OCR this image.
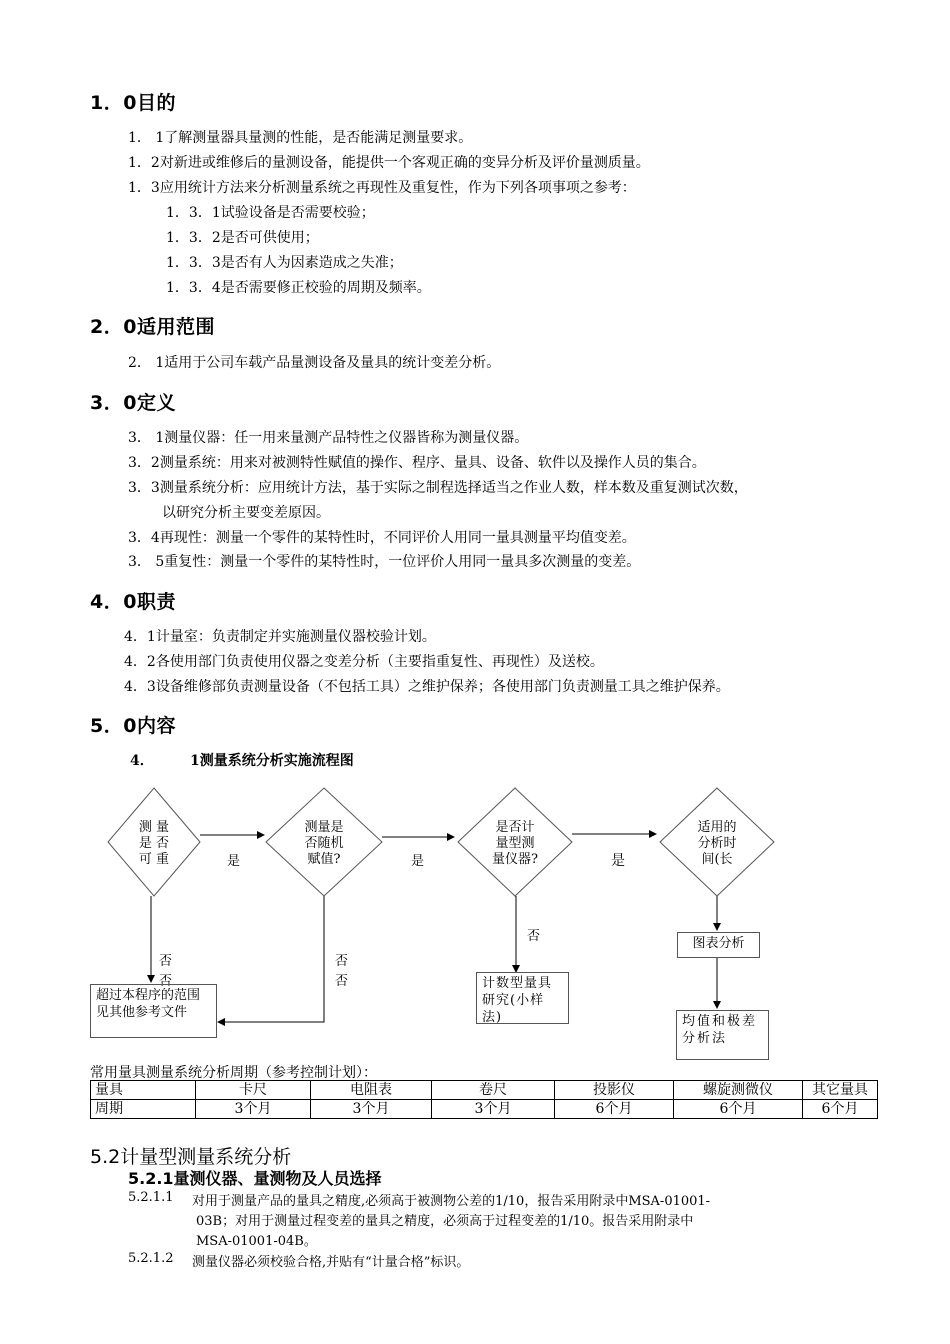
1．0目的
1． 1了解测量器具量测的性能，是否能满足测量要求。
1．2对新进或维修后的量测设备，能提供一个客观正确的变异分析及评价量测质量。
1．3应用统计方法来分析测量系统之再现性及重复性，作为下列各项事项之参考：
1．3．1试验设备是否需要校验；
1．3．2是否可供使用；
1．3．3是否有人为因素造成之失准；
1．3．4是否需要修正校验的周期及频率。
2．0适用范围
2． 1适用于公司车载产品量测设备及量具的统计变差分析。
3．0定义
3． 1测量仪器：任一用来量测产品特性之仪器皆称为测量仪器。
3．2测量系统：用来对被测特性赋值的操作、程序、量具、设备、软件以及操作人员的集合。
3．3测量系统分析：应用统计方法，基于实际之制程选择适当之作业人数，样本数及重复测试次数，
以研究分析主要变差原因。
3．4再现性：测量一个零件的某特性时，不同评价人用同一量具测量平均值变差。
3． 5重复性：测量一个零件的某特性时，一位评价人用同一量具多次测量的变差。
4．0职责
4．1计量室：负责制定并实施测量仪器校验计划。
4．2各使用部门负责使用仪器之变差分析（主要指重复性、再现性）及送校。
4．3设备维修部负责测量设备（不包括工具）之维护保养；各使用部门负责测量工具之维护保养。
5．0内容
4．	1测量系统分析实施流程图
测 量
是 否
可 重
测量是
否随机
赋值?
是否计
量型测
量仪器?
适用的
分析时
间(长
是	是	是
否
否
否
否
否
超过本程序的范围见其他参考文件
计数型量具研究(小样法)
图表分析
均值和极差分析法
常用量具测量系统分析周期（参考控制计划）：
量具	卡尺	电阻表	卷尺	投影仪	螺旋测微仪	其它量具
周期	3个月	3个月	3个月	6个月	6个月	6个月
5.2计量型测量系统分析
5.2.1量测仪器、量测物及人员选择
5.2.1.1 对用于测量产品的量具之精度,必须高于被测物公差的1/10，报告采用附录中MSA-01001-
03B；对用于测量过程变差的量具之精度，必须高于过程变差的1/10。报告采用附录中
MSA-01001-04B。
5.2.1.2 测量仪器必须校验合格,并贴有“计量合格”标识。
